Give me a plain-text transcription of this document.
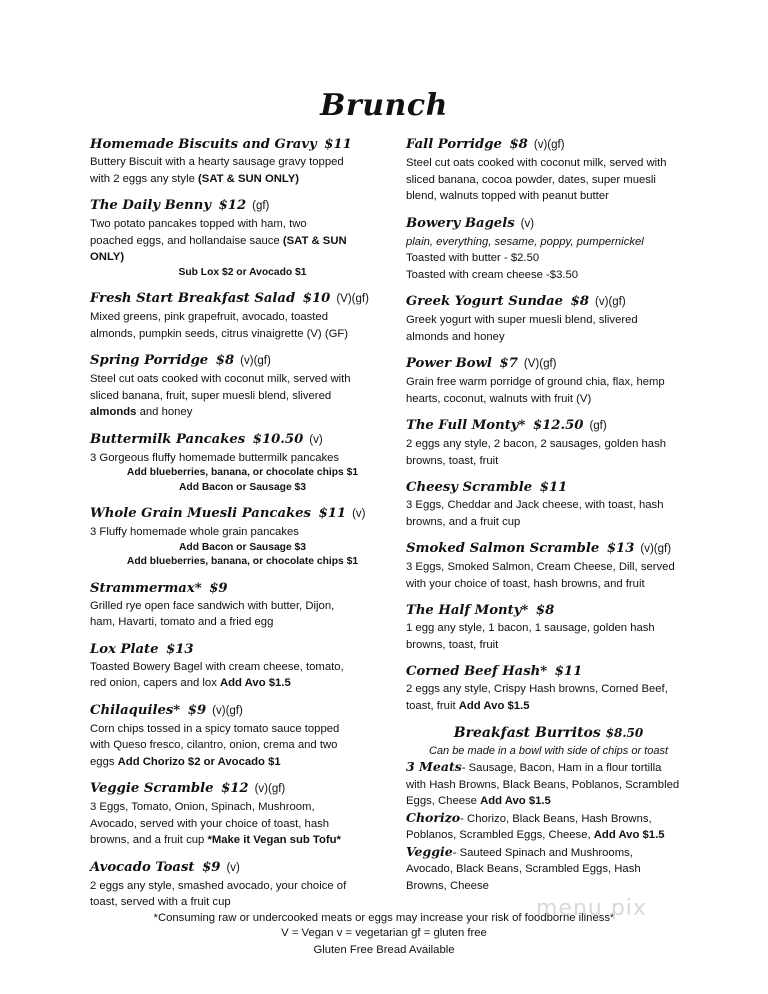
Brunch
Homemade Biscuits and Gravy $11
Buttery Biscuit with a hearty sausage gravy topped
with 2 eggs any style (SAT & SUN ONLY)
The Daily Benny $12 (gf)
Two potato pancakes topped with ham, two
poached eggs, and hollandaise sauce (SAT & SUN
ONLY)
Sub Lox $2 or Avocado $1
Fresh Start Breakfast Salad $10 (V)(gf)
Mixed greens, pink grapefruit, avocado, toasted
almonds, pumpkin seeds, citrus vinaigrette (V) (GF)
Spring Porridge $8 (v)(gf)
Steel cut oats cooked with coconut milk, served with
sliced banana, fruit, super muesli blend, slivered
almonds and honey
Buttermilk Pancakes $10.50 (v)
3 Gorgeous fluffy homemade buttermilk pancakes
Add blueberries, banana, or chocolate chips $1
Add Bacon or Sausage $3
Whole Grain Muesli Pancakes $11 (v)
3 Fluffy homemade whole grain pancakes
Add Bacon or Sausage $3
Add blueberries, banana, or chocolate chips $1
Strammermax* $9
Grilled rye open face sandwich with butter, Dijon,
ham, Havarti, tomato and a fried egg
Lox Plate $13
Toasted Bowery Bagel with cream cheese, tomato,
red onion, capers and lox Add Avo $1.5
Chilaquiles* $9 (v)(gf)
Corn chips tossed in a spicy tomato sauce topped
with Queso fresco, cilantro, onion, crema and two
eggs Add Chorizo $2 or Avocado $1
Veggie Scramble $12 (v)(gf)
3 Eggs, Tomato, Onion, Spinach, Mushroom,
Avocado, served with your choice of toast, hash
browns, and a fruit cup *Make it Vegan sub Tofu*
Avocado Toast $9 (v)
2 eggs any style, smashed avocado, your choice of
toast, served with a fruit cup
Fall Porridge $8 (v)(gf)
Steel cut oats cooked with coconut milk, served with
sliced banana, cocoa powder, dates, super muesli
blend, walnuts topped with peanut butter
Bowery Bagels (v)
plain, everything, sesame, poppy, pumpernickel
Toasted with butter - $2.50
Toasted with cream cheese -$3.50
Greek Yogurt Sundae $8 (v)(gf)
Greek yogurt with super muesli blend, slivered
almonds and honey
Power Bowl $7 (V)(gf)
Grain free warm porridge of ground chia, flax, hemp
hearts, coconut, walnuts with fruit (V)
The Full Monty* $12.50 (gf)
2 eggs any style, 2 bacon, 2 sausages, golden hash
browns, toast, fruit
Cheesy Scramble $11
3 Eggs, Cheddar and Jack cheese, with toast, hash
browns, and a fruit cup
Smoked Salmon Scramble $13 (v)(gf)
3 Eggs, Smoked Salmon, Cream Cheese, Dill, served
with your choice of toast, hash browns, and fruit
The Half Monty* $8
1 egg any style, 1 bacon, 1 sausage, golden hash
browns, toast, fruit
Corned Beef Hash* $11
2 eggs any style, Crispy Hash browns, Corned Beef,
toast, fruit Add Avo $1.5
Breakfast Burritos $8.50
Can be made in a bowl with side of chips or toast
3 Meats- Sausage, Bacon, Ham in a flour tortilla
with Hash Browns, Black Beans, Poblanos, Scrambled
Eggs, Cheese Add Avo $1.5
Chorizo- Chorizo, Black Beans, Hash Browns,
Poblanos, Scrambled Eggs, Cheese, Add Avo $1.5
Veggie- Sauteed Spinach and Mushrooms,
Avocado, Black Beans, Scrambled Eggs, Hash
Browns, Cheese
*Consuming raw or undercooked meats or eggs may increase your risk of foodborne illness*
V = Vegan v = vegetarian gf = gluten free
Gluten Free Bread Available
menu pix
